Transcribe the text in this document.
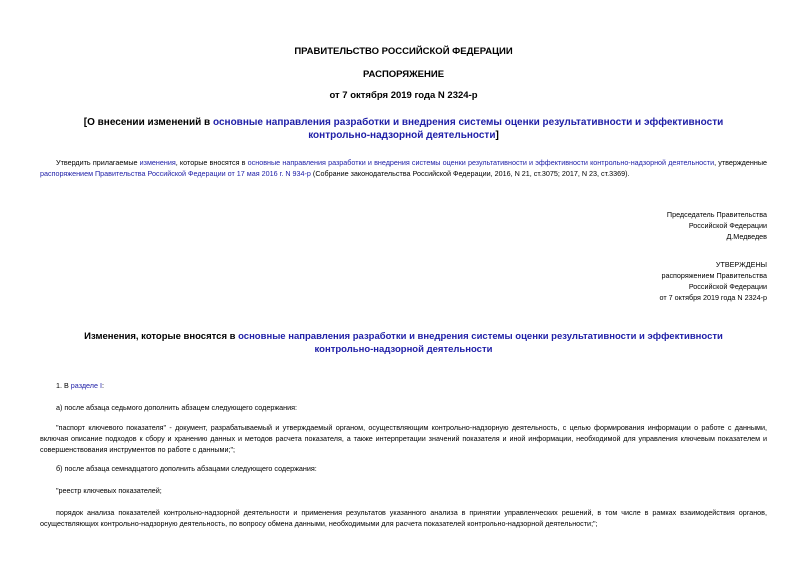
ПРАВИТЕЛЬСТВО РОССИЙСКОЙ ФЕДЕРАЦИИ
РАСПОРЯЖЕНИЕ
от 7 октября 2019 года N 2324-р
[О внесении изменений в основные направления разработки и внедрения системы оценки результативности и эффективности контрольно-надзорной деятельности]
Утвердить прилагаемые изменения, которые вносятся в основные направления разработки и внедрения системы оценки результативности и эффективности контрольно-надзорной деятельности, утвержденные распоряжением Правительства Российской Федерации от 17 мая 2016 г. N 934-р (Собрание законодательства Российской Федерации, 2016, N 21, ст.3075; 2017, N 23, ст.3369).
Председатель Правительства
Российской Федерации
Д.Медведев
УТВЕРЖДЕНЫ
распоряжением Правительства
Российской Федерации
от 7 октября 2019 года N 2324-р
Изменения, которые вносятся в основные направления разработки и внедрения системы оценки результативности и эффективности контрольно-надзорной деятельности
1. В разделе I:
а) после абзаца седьмого дополнить абзацем следующего содержания:
"паспорт ключевого показателя" - документ, разрабатываемый и утверждаемый органом, осуществляющим контрольно-надзорную деятельность, с целью формирования информации о работе с данными, включая описание подходов к сбору и хранению данных и методов расчета показателя, а также интерпретации значений показателя и иной информации, необходимой для управления ключевым показателем и совершенствования инструментов по работе с данными;";
б) после абзаца семнадцатого дополнить абзацами следующего содержания:
"реестр ключевых показателей;
порядок анализа показателей контрольно-надзорной деятельности и применения результатов указанного анализа в принятии управленческих решений, в том числе в рамках взаимодействия органов, осуществляющих контрольно-надзорную деятельность, по вопросу обмена данными, необходимыми для расчета показателей контрольно-надзорной деятельности;";
